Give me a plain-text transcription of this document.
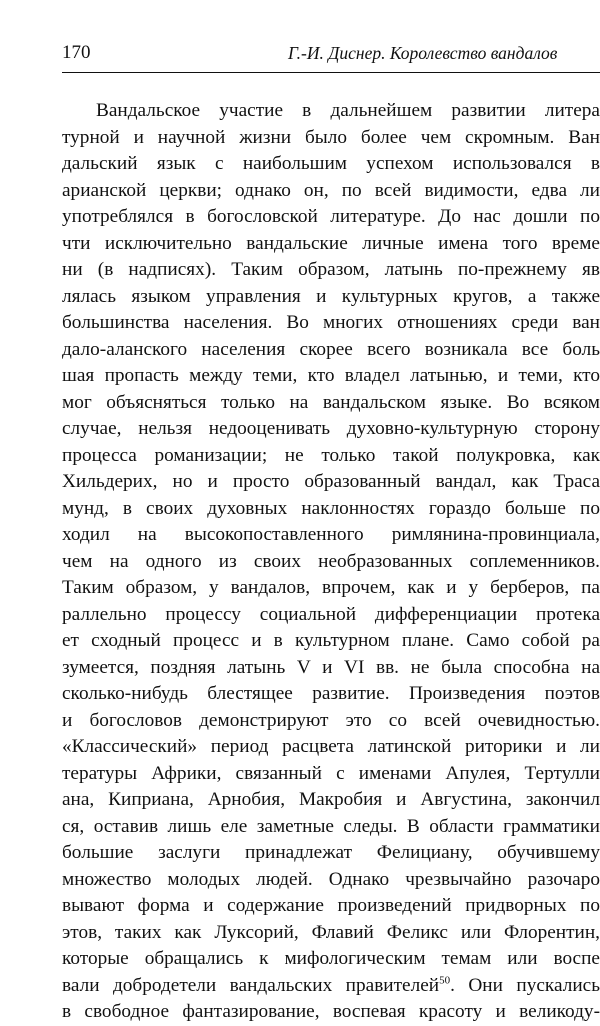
170	Г.-И. Диснер. Королевство вандалов
Вандальское участие в дальнейшем развитии литера
турной и научной жизни было более чем скромным. Ван
дальский язык с наибольшим успехом использовался в
арианской церкви; однако он, по всей видимости, едва ли
употреблялся в богословской литературе. До нас дошли по
чти исключительно вандальские личные имена того време
ни (в надписях). Таким образом, латынь по-прежнему яв
лялась языком управления и культурных кругов, а также
большинства населения. Во многих отношениях среди ван
дало-аланского населения скорее всего возникала все боль
шая пропасть между теми, кто владел латынью, и теми, кто
мог объясняться только на вандальском языке. Во всяком
случае, нельзя недооценивать духовно-культурную сторону
процесса романизации; не только такой полукровка, как
Хильдерих, но и просто образованный вандал, как Траса
мунд, в своих духовных наклонностях гораздо больше по
ходил на высокопоставленного римлянина-провинциала,
чем на одного из своих необразованных соплеменников.
Таким образом, у вандалов, впрочем, как и у берберов, па
раллельно процессу социальной дифференциации протека
ет сходный процесс и в культурном плане. Само собой ра
зумеется, поздняя латынь V и VI вв. не была способна на
сколько-нибудь блестящее развитие. Произведения поэтов
и богословов демонстрируют это со всей очевидностью.
«Классический» период расцвета латинской риторики и ли
тературы Африки, связанный с именами Апулея, Тертулли
ана, Киприана, Арнобия, Макробия и Августина, закончил
ся, оставив лишь еле заметные следы. В области грамматики
большие заслуги принадлежат Фелициану, обучившему
множество молодых людей. Однако чрезвычайно разочаро
вывают форма и содержание произведений придворных по
этов, таких как Луксорий, Флавий Феликс или Флорентин,
которые обращались к мифологическим темам или воспе
вали добродетели вандальских правителей$^{50}$. Они пускались
в свободное фантазирование, воспевая красоту и великоду-
